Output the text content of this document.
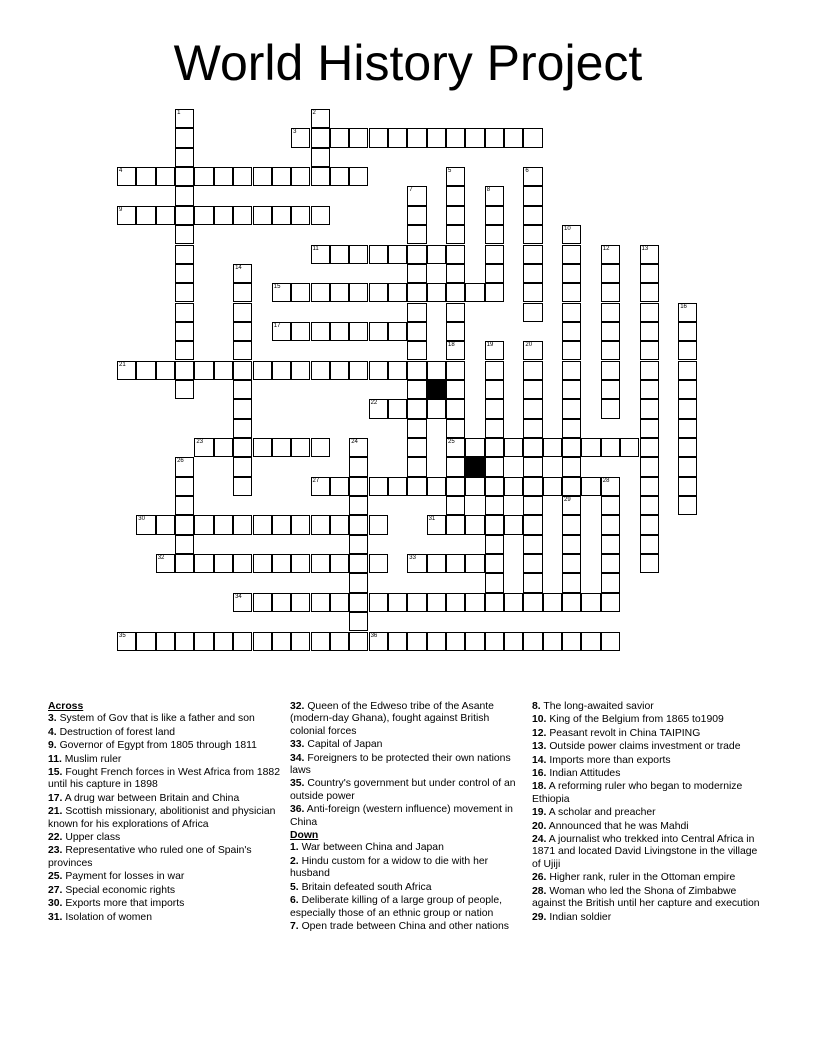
World History Project
3
4
9
11
15
17
21
22
23	25
27
30	31
32	33
34
35	36
1	2
5
18
6
7	8
10
12	13
14
16
19	20
24
26
28
29
Across
3. System of Gov that is like a father and son
4. Destruction of forest land
9. Governor of Egypt from 1805 through 1811
11. Muslim ruler
15. Fought French forces in West Africa from 1882 until his capture in 1898
17. A drug war between Britain and China
21. Scottish missionary, abolitionist and physician known for his explorations of Africa
22. Upper class
23. Representative who ruled one of Spain's provinces
25. Payment for losses in war
27. Special economic rights
30. Exports more that imports
31. Isolation of women
32. Queen of the Edweso tribe of the Asante (modern-day Ghana), fought against British colonial forces
33. Capital of Japan
34. Foreigners to be protected their own nations laws
35. Country's government but under control of an outside power
36. Anti-foreign (western influence) movement in China
Down
1. War between China and Japan
2. Hindu custom for a widow to die with her husband
5. Britain defeated south Africa
6. Deliberate killing of a large group of people, especially those of an ethnic group or nation
7. Open trade between China and other nations
8. The long-awaited savior
10. King of the Belgium from 1865 to1909
12. Peasant revolt in China TAIPING
13. Outside power claims investment or trade
14. Imports more than exports
16. Indian Attitudes
18. A reforming ruler who began to modernize Ethiopia
19. A scholar and preacher
20. Announced that he was Mahdi
24. A journalist who trekked into Central Africa in 1871 and located David Livingstone in the village of Ujiji
26. Higher rank, ruler in the Ottoman empire
28. Woman who led the Shona of Zimbabwe against the British until her capture and execution
29. Indian soldier
